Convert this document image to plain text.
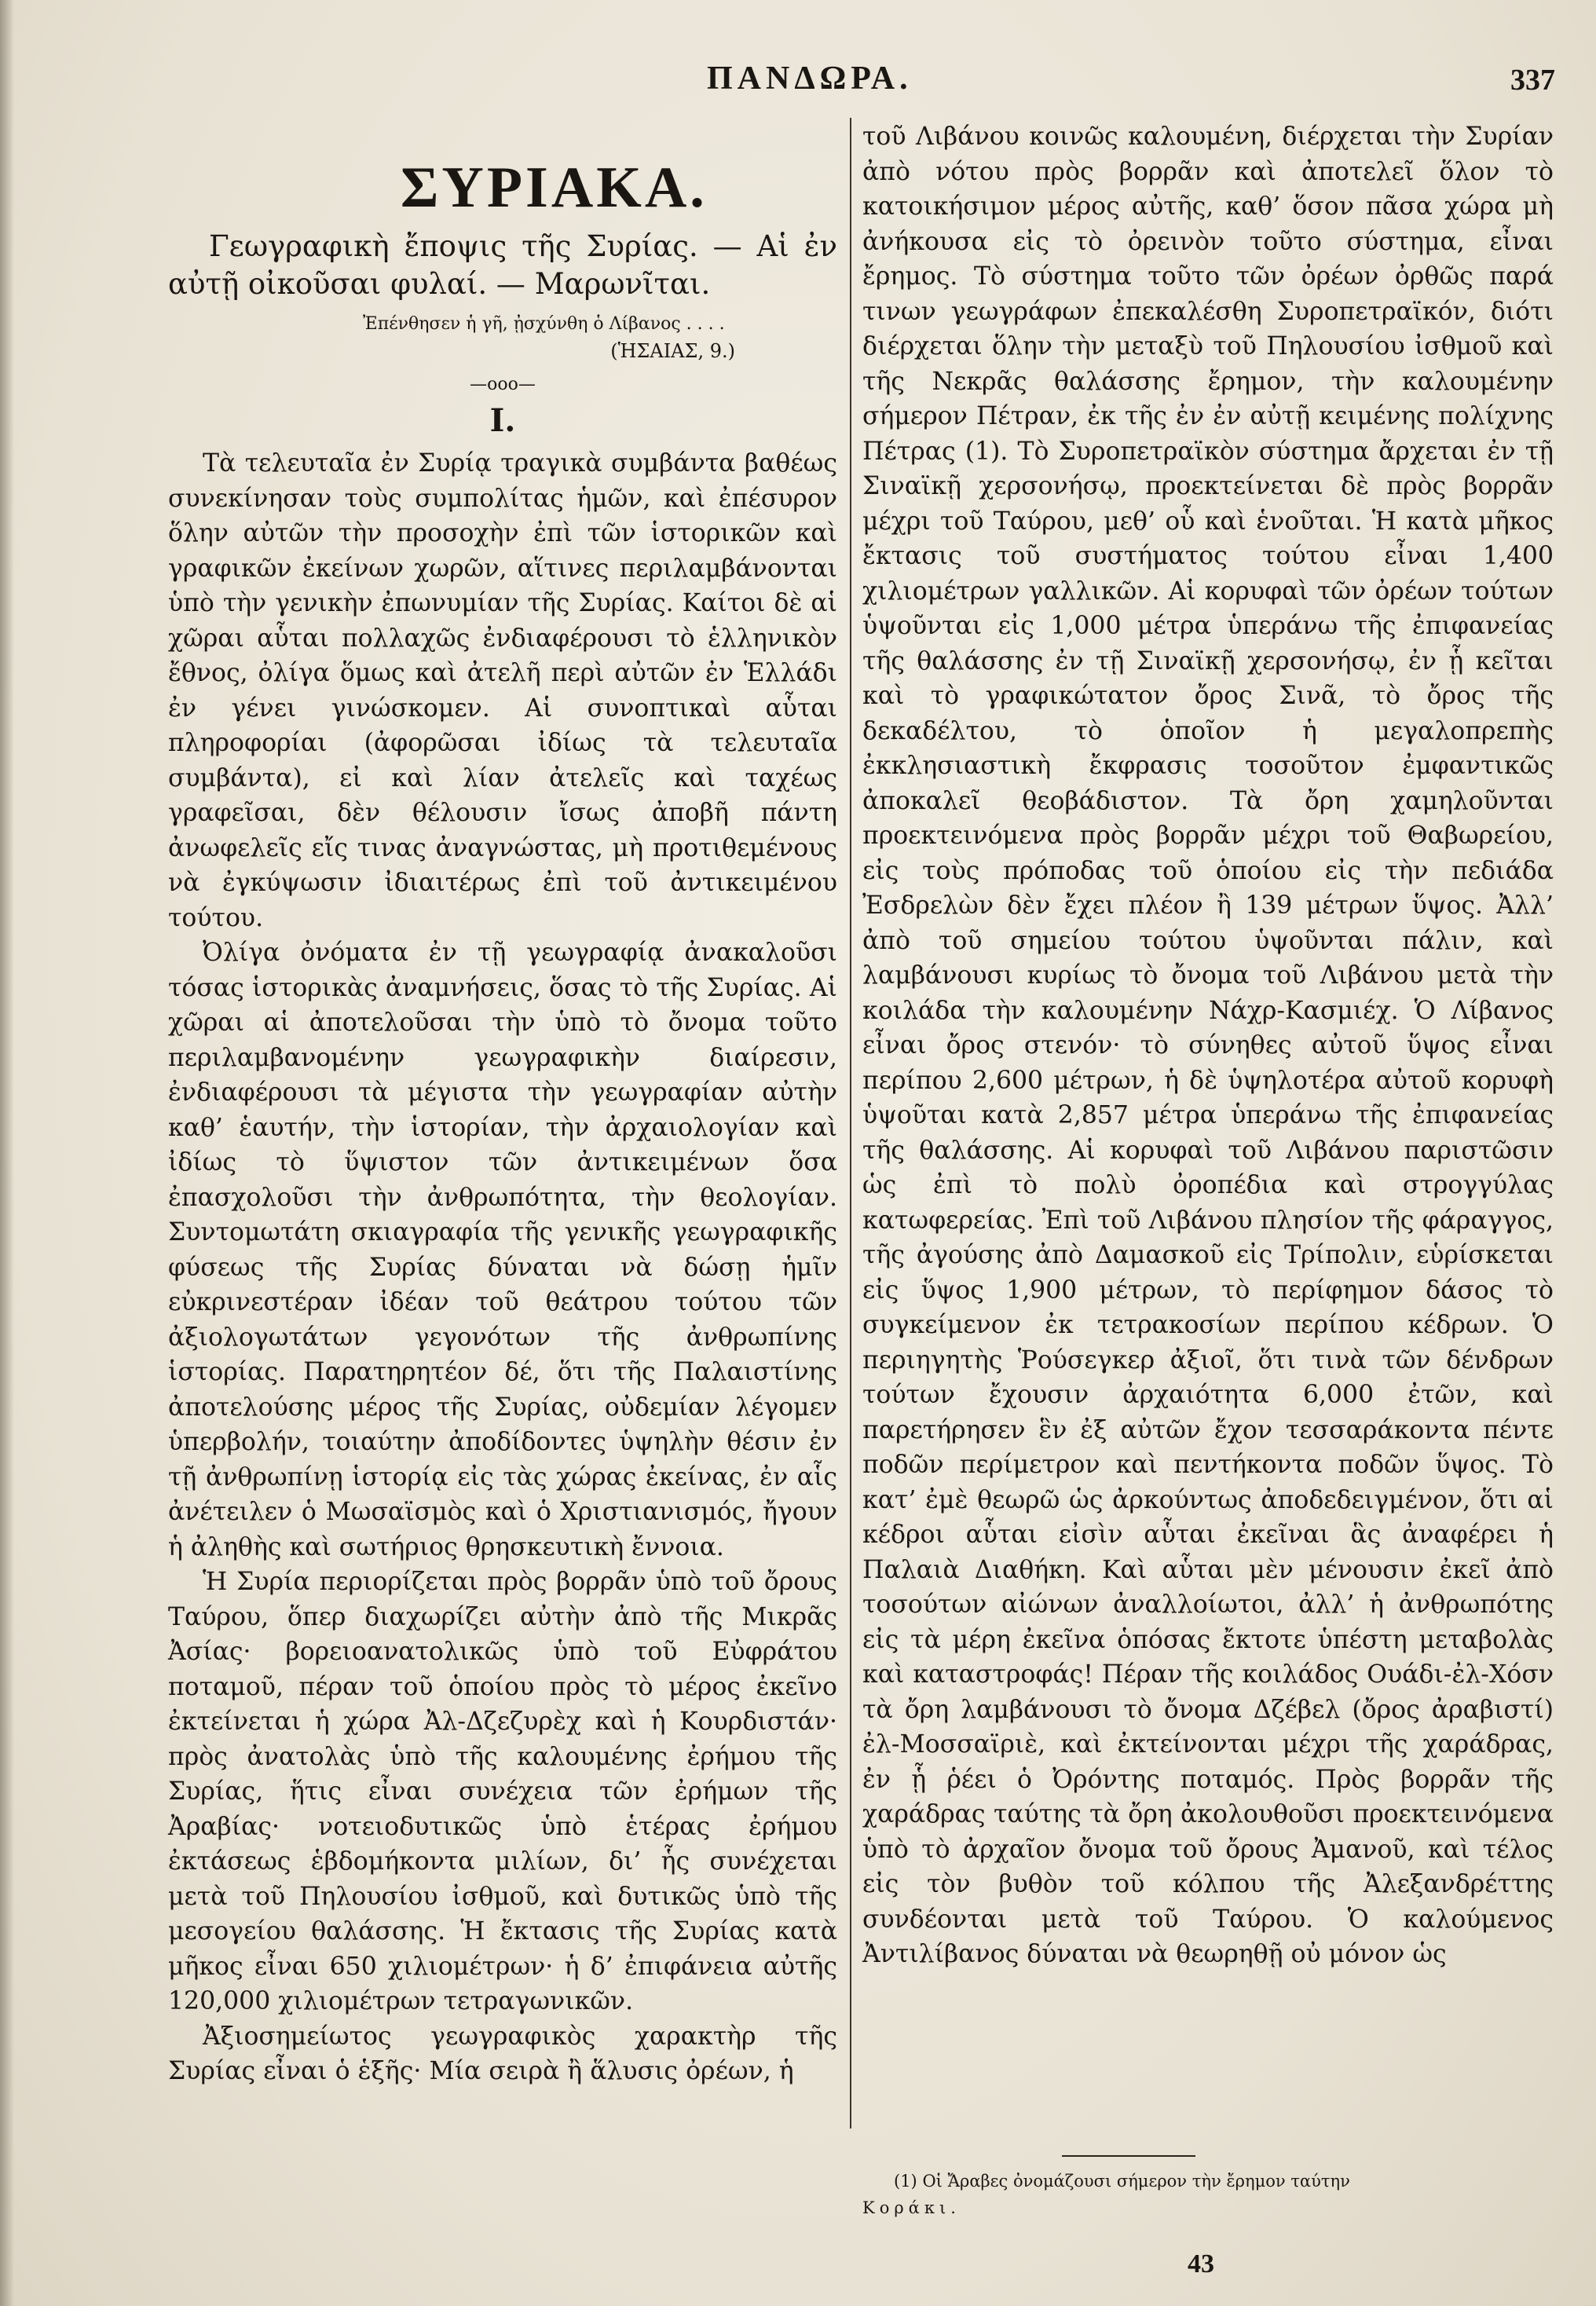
ΠΑΝΔΩΡΑ.	337
ΣΥΡΙΑΚΑ.
Γεωγραφικὴ ἔποψις τῆς Συρίας. — Αἱ ἐν αὐτῇ οἰκοῦσαι φυλαί. — Μαρωνῖται.
Ἐπένθησεν ἡ γῆ, ᾐσχύνθη ὁ Λίβανος . . . .
(ἩΣΑΙΑΣ, 9.)
—ooo—
I.

Τὰ τελευταῖα ἐν Συρίᾳ τραγικὰ συμβάντα βαθέως συνεκίνησαν τοὺς συμπολίτας ἡμῶν, καὶ ἐπέσυρον ὅλην αὐτῶν τὴν προσοχὴν ἐπὶ τῶν ἱστορικῶν καὶ γραφικῶν ἐκείνων χωρῶν, αἵτινες περιλαμβάνονται ὑπὸ τὴν γενικὴν ἐπωνυμίαν τῆς Συρίας. Καίτοι δὲ αἱ χῶραι αὗται πολλαχῶς ἐνδιαφέρουσι τὸ ἑλληνικὸν ἔθνος, ὀλίγα ὅμως καὶ ἀτελῆ περὶ αὐτῶν ἐν Ἑλλάδι ἐν γένει γινώσκομεν. Αἱ συνοπτικαὶ αὗται πληροφορίαι (ἀφορῶσαι ἰδίως τὰ τελευταῖα συμβάντα), εἰ καὶ λίαν ἀτελεῖς καὶ ταχέως γραφεῖσαι, δὲν θέλουσιν ἴσως ἀποβῆ πάντη ἀνωφελεῖς εἴς τινας ἀναγνώστας, μὴ προτιθεμένους νὰ ἐγκύψωσιν ἰδιαιτέρως ἐπὶ τοῦ ἀντικειμένου τούτου.

Ὀλίγα ὀνόματα ἐν τῇ γεωγραφίᾳ ἀνακαλοῦσι τόσας ἱστορικὰς ἀναμνήσεις, ὅσας τὸ τῆς Συρίας. Αἱ χῶραι αἱ ἀποτελοῦσαι τὴν ὑπὸ τὸ ὄνομα τοῦτο περιλαμβανομένην γεωγραφικὴν διαίρεσιν, ἐνδιαφέρουσι τὰ μέγιστα τὴν γεωγραφίαν αὐτὴν καθ’ ἑαυτήν, τὴν ἱστορίαν, τὴν ἀρχαιολογίαν καὶ ἰδίως τὸ ὕψιστον τῶν ἀντικειμένων ὅσα ἐπασχολοῦσι τὴν ἀνθρωπότητα, τὴν θεολογίαν. Συντομωτάτη σκιαγραφία τῆς γενικῆς γεωγραφικῆς φύσεως τῆς Συρίας δύναται νὰ δώσῃ ἡμῖν εὐκρινεστέραν ἰδέαν τοῦ θεάτρου τούτου τῶν ἀξιολογωτάτων γεγονότων τῆς ἀνθρωπίνης ἱστορίας. Παρατηρητέον δέ, ὅτι τῆς Παλαιστίνης ἀποτελούσης μέρος τῆς Συρίας, οὐδεμίαν λέγομεν ὑπερβολήν, τοιαύτην ἀποδίδοντες ὑψηλὴν θέσιν ἐν τῇ ἀνθρωπίνῃ ἱστορίᾳ εἰς τὰς χώρας ἐκείνας, ἐν αἷς ἀνέτειλεν ὁ Μωσαϊσμὸς καὶ ὁ Χριστιανισμός, ἤγουν ἡ ἀληθὴς καὶ σωτήριος θρησκευτικὴ ἔννοια.

Ἡ Συρία περιορίζεται πρὸς βορρᾶν ὑπὸ τοῦ ὄρους Ταύρου, ὅπερ διαχωρίζει αὐτὴν ἀπὸ τῆς Μικρᾶς Ἀσίας· βορειοανατολικῶς ὑπὸ τοῦ Εὐφράτου ποταμοῦ, πέραν τοῦ ὁποίου πρὸς τὸ μέρος ἐκεῖνο ἐκτείνεται ἡ χώρα Ἀλ-Δζεζυρὲχ καὶ ἡ Κουρδιστάν· πρὸς ἀνατολὰς ὑπὸ τῆς καλουμένης ἐρήμου τῆς Συρίας, ἥτις εἶναι συνέχεια τῶν ἐρήμων τῆς Ἀραβίας· νοτειοδυτικῶς ὑπὸ ἑτέρας ἐρήμου ἐκτάσεως ἑβδομήκοντα μιλίων, δι’ ἧς συνέχεται μετὰ τοῦ Πηλουσίου ἰσθμοῦ, καὶ δυτικῶς ὑπὸ τῆς μεσογείου θαλάσσης. Ἡ ἔκτασις τῆς Συρίας κατὰ μῆκος εἶναι 650 χιλιομέτρων· ἡ δ’ ἐπιφάνεια αὐτῆς 120,000 χιλιομέτρων τετραγωνικῶν.

Ἀξιοσημείωτος γεωγραφικὸς χαρακτὴρ τῆς Συρίας εἶναι ὁ ἑξῆς· Μία σειρὰ ἢ ἅλυσις ὀρέων, ἡ

τοῦ Λιβάνου κοινῶς καλουμένη, διέρχεται τὴν Συρίαν ἀπὸ νότου πρὸς βορρᾶν καὶ ἀποτελεῖ ὅλον τὸ κατοικήσιμον μέρος αὐτῆς, καθ’ ὅσον πᾶσα χώρα μὴ ἀνήκουσα εἰς τὸ ὀρεινὸν τοῦτο σύστημα, εἶναι ἔρημος. Τὸ σύστημα τοῦτο τῶν ὀρέων ὀρθῶς παρά τινων γεωγράφων ἐπεκαλέσθη Συροπετραϊκόν, διότι διέρχεται ὅλην τὴν μεταξὺ τοῦ Πηλουσίου ἰσθμοῦ καὶ τῆς Νεκρᾶς θαλάσσης ἔρημον, τὴν καλουμένην σήμερον Πέτραν, ἐκ τῆς ἐν ἐν αὐτῇ κειμένης πολίχνης Πέτρας (1). Τὸ Συροπετραϊκὸν σύστημα ἄρχεται ἐν τῇ Σιναϊκῇ χερσονήσῳ, προεκτείνεται δὲ πρὸς βορρᾶν μέχρι τοῦ Ταύρου, μεθ’ οὗ καὶ ἑνοῦται. Ἡ κατὰ μῆκος ἔκτασις τοῦ συστήματος τούτου εἶναι 1,400 χιλιομέτρων γαλλικῶν. Αἱ κορυφαὶ τῶν ὀρέων τούτων ὑψοῦνται εἰς 1,000 μέτρα ὑπεράνω τῆς ἐπιφανείας τῆς θαλάσσης ἐν τῇ Σιναϊκῇ χερσονήσῳ, ἐν ᾗ κεῖται καὶ τὸ γραφικώτατον ὄρος Σινᾶ, τὸ ὄρος τῆς δεκαδέλτου, τὸ ὁποῖον ἡ μεγαλοπρεπὴς ἐκκλησιαστικὴ ἔκφρασις τοσοῦτον ἐμφαντικῶς ἀποκαλεῖ θεοβάδιστον. Τὰ ὄρη χαμηλοῦνται προεκτεινόμενα πρὸς βορρᾶν μέχρι τοῦ Θαβωρείου, εἰς τοὺς πρόποδας τοῦ ὁποίου εἰς τὴν πεδιάδα Ἐσδρελὼν δὲν ἔχει πλέον ἢ 139 μέτρων ὕψος. Ἀλλ’ ἀπὸ τοῦ σημείου τούτου ὑψοῦνται πάλιν, καὶ λαμβάνουσι κυρίως τὸ ὄνομα τοῦ Λιβάνου μετὰ τὴν κοιλάδα τὴν καλουμένην Νάχρ-Κασμιέχ. Ὁ Λίβανος εἶναι ὄρος στενόν· τὸ σύνηθες αὐτοῦ ὕψος εἶναι περίπου 2,600 μέτρων, ἡ δὲ ὑψηλοτέρα αὐτοῦ κορυφὴ ὑψοῦται κατὰ 2,857 μέτρα ὑπεράνω τῆς ἐπιφανείας τῆς θαλάσσης. Αἱ κορυφαὶ τοῦ Λιβάνου παριστῶσιν ὡς ἐπὶ τὸ πολὺ ὀροπέδια καὶ στρογγύλας κατωφερείας. Ἐπὶ τοῦ Λιβάνου πλησίον τῆς φάραγγος, τῆς ἀγούσης ἀπὸ Δαμασκοῦ εἰς Τρίπολιν, εὑρίσκεται εἰς ὕψος 1,900 μέτρων, τὸ περίφημον δάσος τὸ συγκείμενον ἐκ τετρακοσίων περίπου κέδρων. Ὁ περιηγητὴς Ῥούσεγκερ ἀξιοῖ, ὅτι τινὰ τῶν δένδρων τούτων ἔχουσιν ἀρχαιότητα 6,000 ἐτῶν, καὶ παρετήρησεν ἓν ἐξ αὐτῶν ἔχον τεσσαράκοντα πέντε ποδῶν περίμετρον καὶ πεντήκοντα ποδῶν ὕψος. Τὸ κατ’ ἐμὲ θεωρῶ ὡς ἀρκούντως ἀποδεδειγμένον, ὅτι αἱ κέδροι αὗται εἰσὶν αὗται ἐκεῖναι ἃς ἀναφέρει ἡ Παλαιὰ Διαθήκη. Καὶ αὗται μὲν μένουσιν ἐκεῖ ἀπὸ τοσούτων αἰώνων ἀναλλοίωτοι, ἀλλ’ ἡ ἀνθρωπότης εἰς τὰ μέρη ἐκεῖνα ὁπόσας ἔκτοτε ὑπέστη μεταβολὰς καὶ καταστροφάς! Πέραν τῆς κοιλάδος Ουάδι-ἐλ-Χόσν τὰ ὄρη λαμβάνουσι τὸ ὄνομα Δζέβελ (ὄρος ἀραβιστί) ἐλ-Μοσσαϊριὲ, καὶ ἐκτείνονται μέχρι τῆς χαράδρας, ἐν ᾗ ῥέει ὁ Ὀρόντης ποταμός. Πρὸς βορρᾶν τῆς χαράδρας ταύτης τὰ ὄρη ἀκολουθοῦσι προεκτεινόμενα ὑπὸ τὸ ἀρχαῖον ὄνομα τοῦ ὄρους Ἀμανοῦ, καὶ τέλος εἰς τὸν βυθὸν τοῦ κόλπου τῆς Ἀλεξανδρέττης συνδέονται μετὰ τοῦ Ταύρου. Ὁ καλούμενος Ἀντιλίβανος δύναται νὰ θεωρηθῇ οὐ μόνον ὡς

(1) Οἱ Ἄραβες ὀνομάζουσι σήμερον τὴν ἔρημον ταύτην
Κοράκι.
43
